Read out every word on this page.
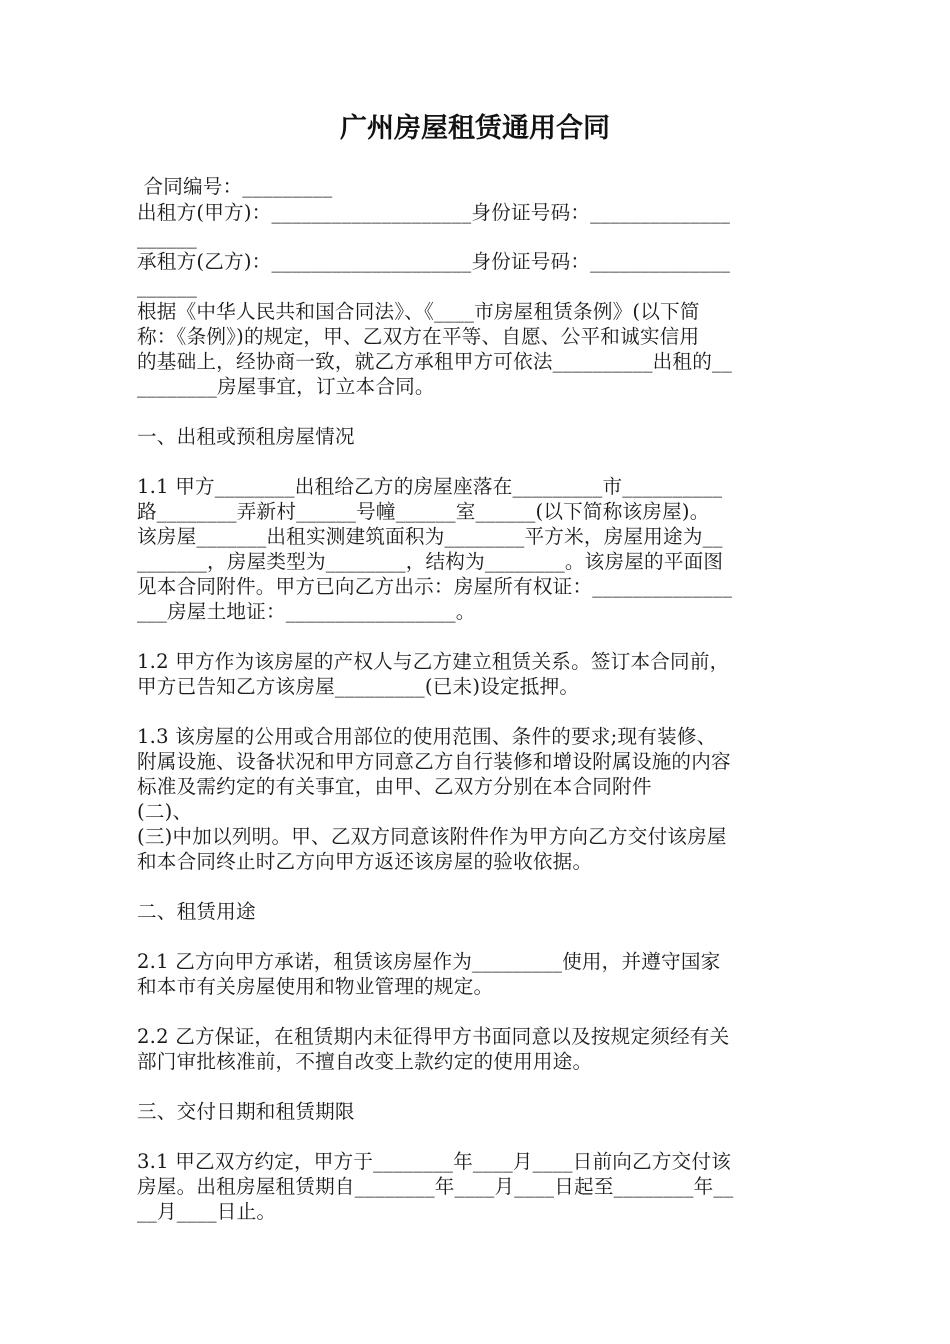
广州房屋租赁通用合同
合同编号：_________
出租方(甲方)：____________________身份证号码：______________
______
承租方(乙方)：____________________身份证号码：______________
______
根据《中华人民共和国合同法》、《____市房屋租赁条例》(以下简
称：《条例》)的规定，甲、乙双方在平等、自愿、公平和诚实信用
的基础上，经协商一致，就乙方承租甲方可依法__________出租的__
________房屋事宜，订立本合同。
一、出租或预租房屋情况
1.1 甲方________出租给乙方的房屋座落在_________市__________
路________弄新村______号幢______室______(以下简称该房屋)。
该房屋_______出租实测建筑面积为________平方米，房屋用途为__
_______，房屋类型为________，结构为________。该房屋的平面图
见本合同附件。甲方已向乙方出示：房屋所有权证：______________
___房屋土地证：_________________。
1.2 甲方作为该房屋的产权人与乙方建立租赁关系。签订本合同前，
甲方已告知乙方该房屋_________(已未)设定抵押。
1.3 该房屋的公用或合用部位的使用范围、条件的要求;现有装修、
附属设施、设备状况和甲方同意乙方自行装修和增设附属设施的内容
标准及需约定的有关事宜，由甲、乙双方分别在本合同附件
(二)、
(三)中加以列明。甲、乙双方同意该附件作为甲方向乙方交付该房屋
和本合同终止时乙方向甲方返还该房屋的验收依据。
二、租赁用途
2.1 乙方向甲方承诺，租赁该房屋作为_________使用，并遵守国家
和本市有关房屋使用和物业管理的规定。
2.2 乙方保证，在租赁期内未征得甲方书面同意以及按规定须经有关
部门审批核准前，不擅自改变上款约定的使用用途。
三、交付日期和租赁期限
3.1 甲乙双方约定，甲方于________年____月____日前向乙方交付该
房屋。出租房屋租赁期自________年____月____日起至________年__
__月____日止。
